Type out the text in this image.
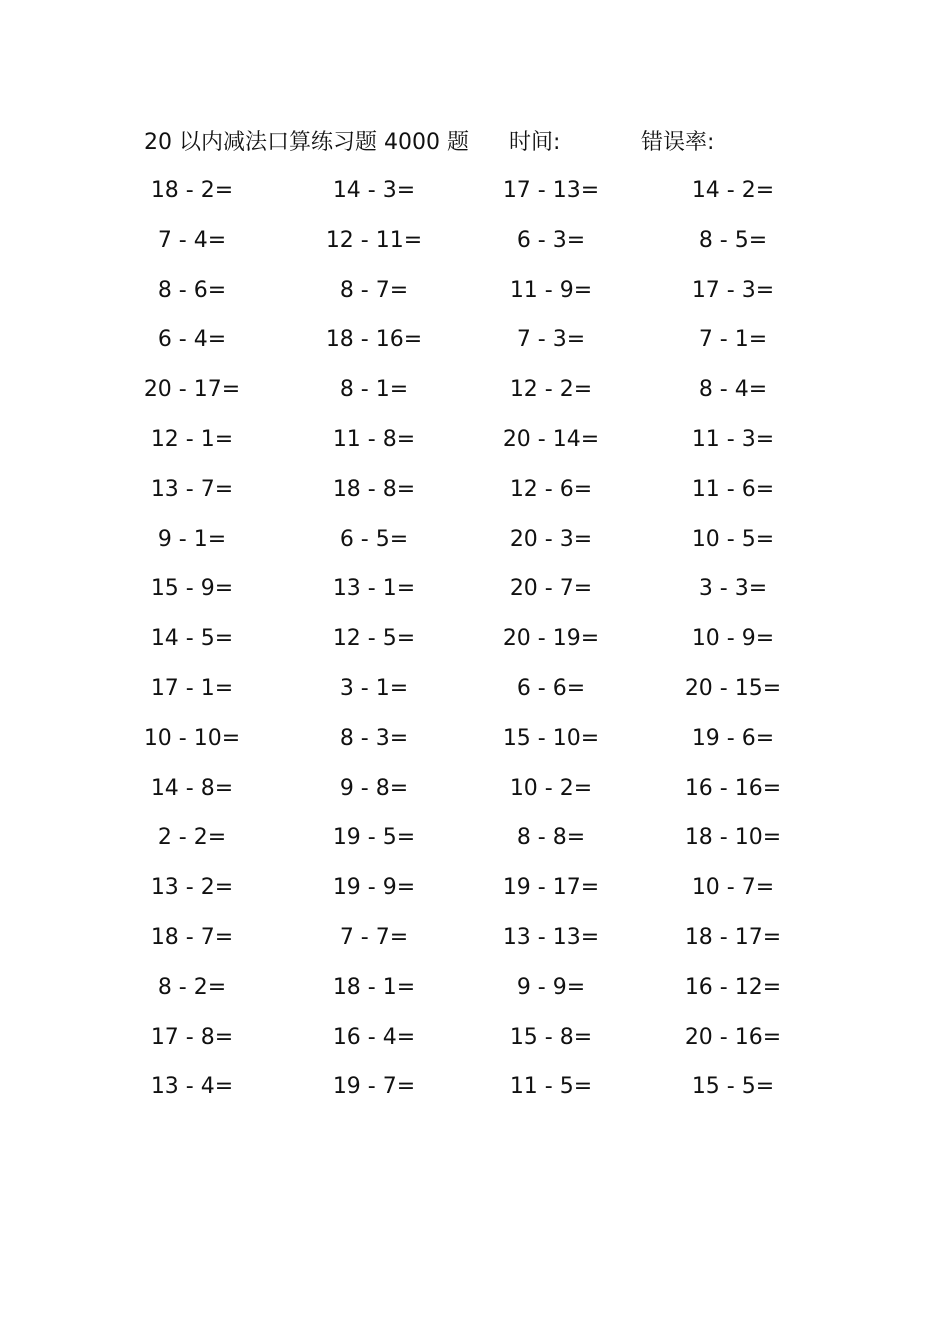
20 以内减法口算练习题 4000 题 时间:	错误率:
18 - 2=	14 - 3=	17 - 13=	14 - 2=
7 - 4=	12 - 11=	6 - 3=	8 - 5=
8 - 6=	8 - 7=	11 - 9=	17 - 3=
6 - 4=	18 - 16=	7 - 3=	7 - 1=
20 - 17=	8 - 1=	12 - 2=	8 - 4=
12 - 1=	11 - 8=	20 - 14=	11 - 3=
13 - 7=	18 - 8=	12 - 6=	11 - 6=
9 - 1=	6 - 5=	20 - 3=	10 - 5=
15 - 9=	13 - 1=	20 - 7=	3 - 3=
14 - 5=	12 - 5=	20 - 19=	10 - 9=
17 - 1=	3 - 1=	6 - 6=	20 - 15=
10 - 10=	8 - 3=	15 - 10=	19 - 6=
14 - 8=	9 - 8=	10 - 2=	16 - 16=
2 - 2=	19 - 5=	8 - 8=	18 - 10=
13 - 2=	19 - 9=	19 - 17=	10 - 7=
18 - 7=	7 - 7=	13 - 13=	18 - 17=
8 - 2=	18 - 1=	9 - 9=	16 - 12=
17 - 8=	16 - 4=	15 - 8=	20 - 16=
13 - 4=	19 - 7=	11 - 5=	15 - 5=
